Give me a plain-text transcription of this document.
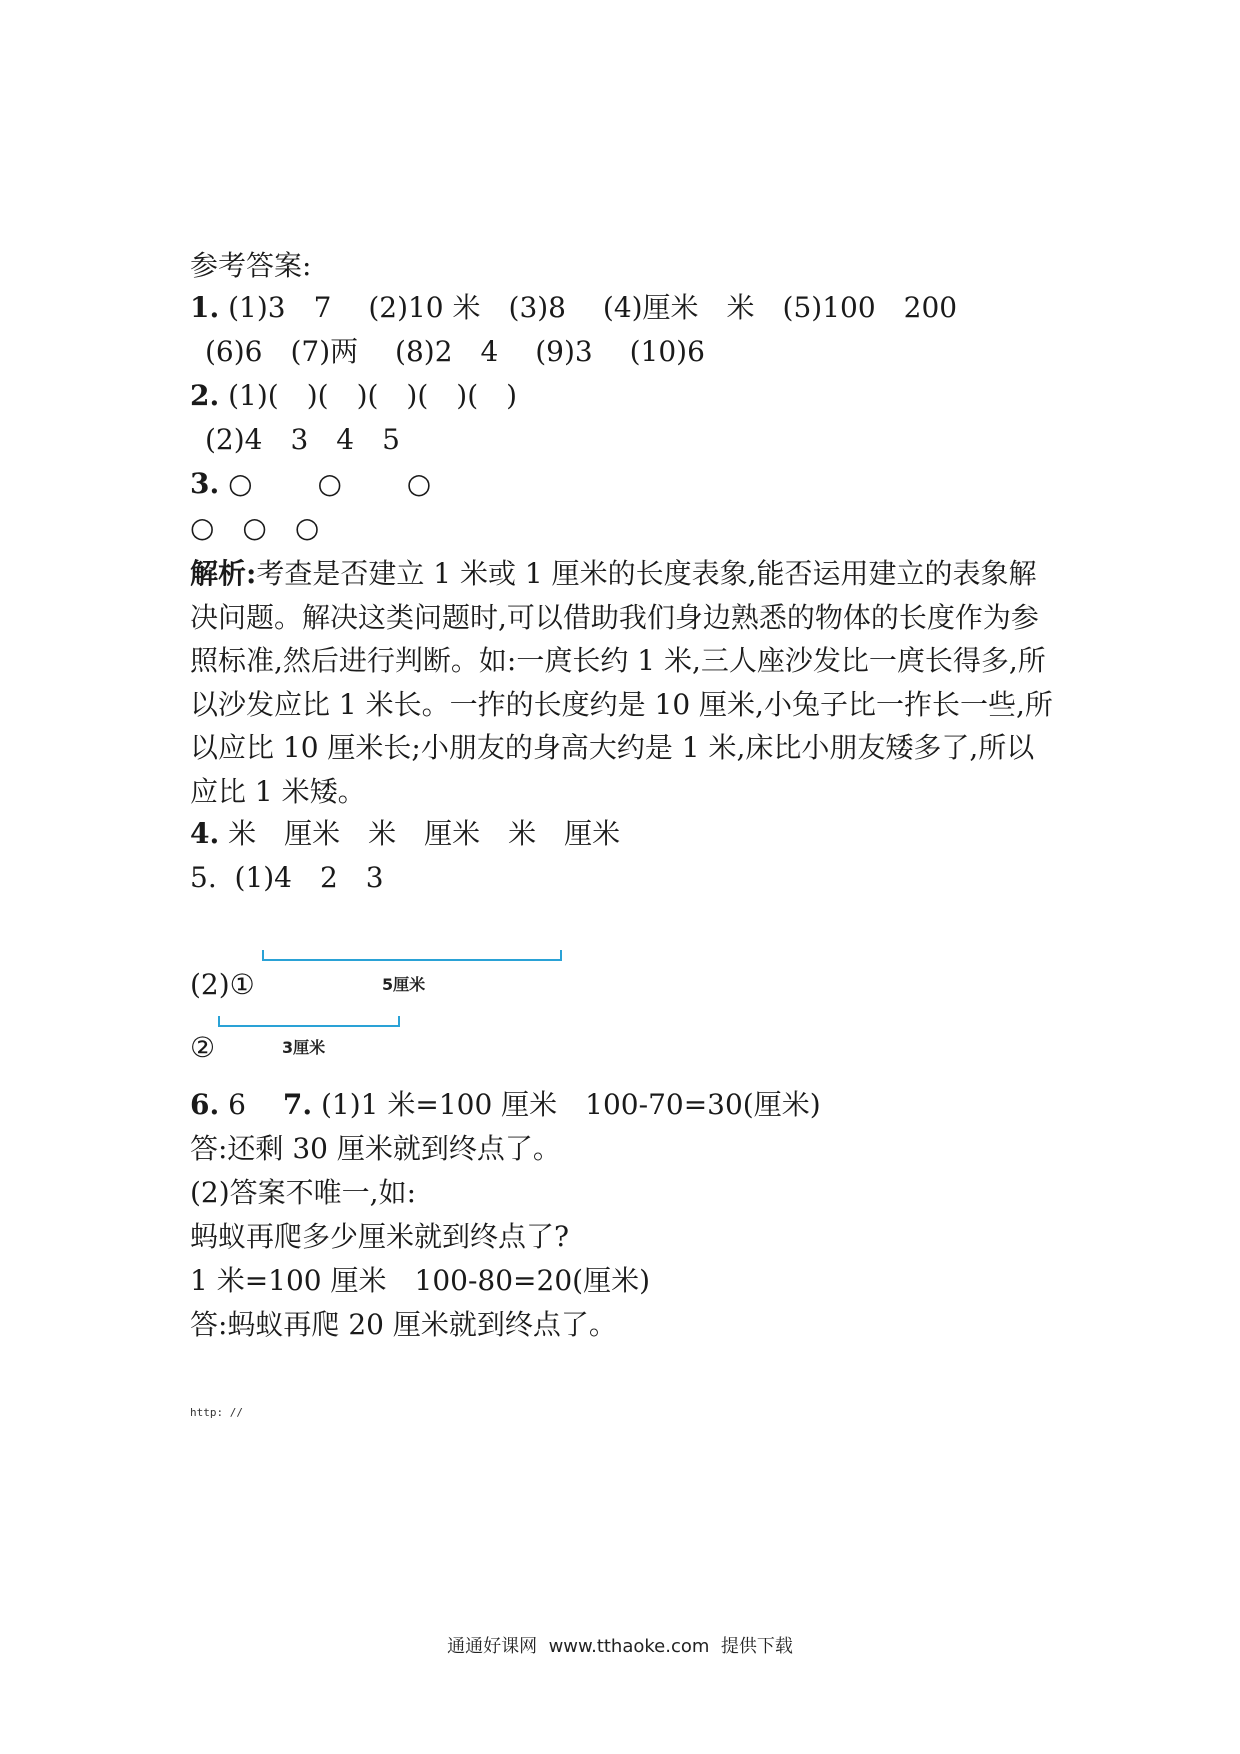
参考答案:
1. (1)3　7　 (2)10 米　(3)8　 (4)厘米　米　(5)100　200
(6)6　(7)两　 (8)2　4　 (9)3　 (10)6
2. (1)(　)(　)(　)(　)(　)
(2)4　3　4　5
3. ○　　 ○　　 ○
○　○　○
解析:考查是否建立 1 米或 1 厘米的长度表象,能否运用建立的表象解决问题。解决这类问题时,可以借助我们身边熟悉的物体的长度作为参照标准,然后进行判断。如:一庹长约 1 米,三人座沙发比一庹长得多,所以沙发应比 1 米长。一拃的长度约是 10 厘米,小兔子比一拃长一些,所以应比 10 厘米长;小朋友的身高大约是 1 米,床比小朋友矮多了,所以应比 1 米矮。
4. 米　厘米　米　厘米　米　厘米
5.  (1)4　2　3
5厘米
(2)①
3厘米
②
6. 6　 7. (1)1 米=100 厘米　100-70=30(厘米)
答:还剩 30 厘米就到终点了。
(2)答案不唯一,如:
蚂蚁再爬多少厘米就到终点了?
1 米=100 厘米　100-80=20(厘米)
答:蚂蚁再爬 20 厘米就到终点了。
http: //
通通好课网  www.tthaoke.com  提供下载
